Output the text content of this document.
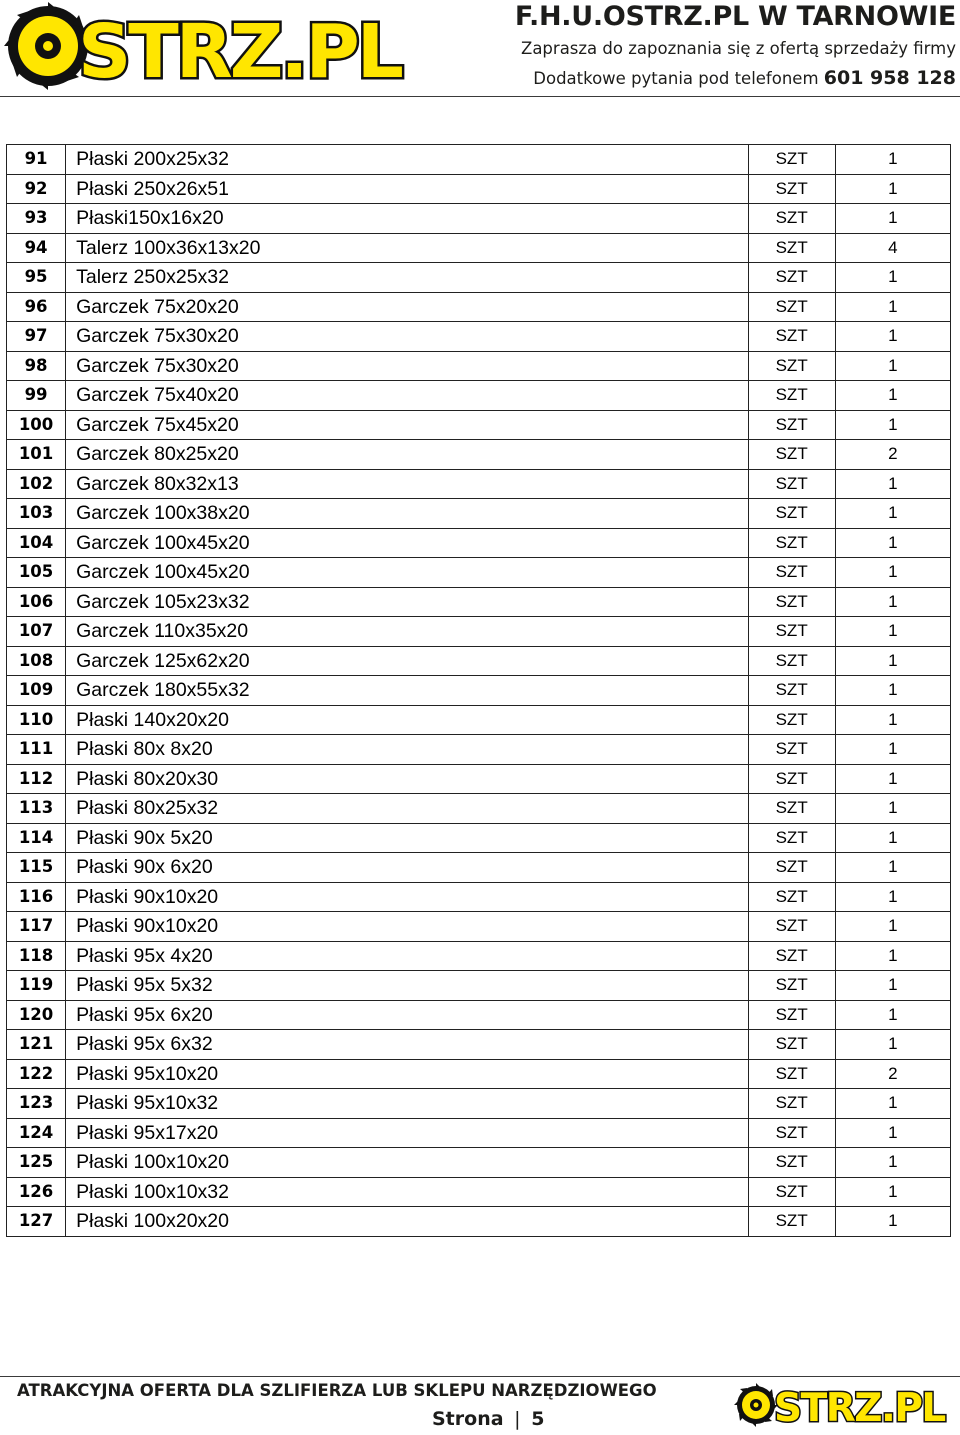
STRZ.PL	F.H.U.OSTRZ.PL W TARNOWIE
Zaprasza do zapoznania się z ofertą sprzedaży firmy
Dodatkowe pytania pod telefonem 601 958 128
91	Płaski 200x25x32	SZT	1
92	Płaski 250x26x51	SZT	1
93	Płaski150x16x20	SZT	1
94	Talerz 100x36x13x20	SZT	4
95	Talerz 250x25x32	SZT	1
96	Garczek 75x20x20	SZT	1
97	Garczek 75x30x20	SZT	1
98	Garczek 75x30x20	SZT	1
99	Garczek 75x40x20	SZT	1
100	Garczek 75x45x20	SZT	1
101	Garczek 80x25x20	SZT	2
102	Garczek 80x32x13	SZT	1
103	Garczek 100x38x20	SZT	1
104	Garczek 100x45x20	SZT	1
105	Garczek 100x45x20	SZT	1
106	Garczek 105x23x32	SZT	1
107	Garczek 110x35x20	SZT	1
108	Garczek 125x62x20	SZT	1
109	Garczek 180x55x32	SZT	1
110	Płaski 140x20x20	SZT	1
111	Płaski 80x 8x20	SZT	1
112	Płaski 80x20x30	SZT	1
113	Płaski 80x25x32	SZT	1
114	Płaski 90x 5x20	SZT	1
115	Płaski 90x 6x20	SZT	1
116	Płaski 90x10x20	SZT	1
117	Płaski 90x10x20	SZT	1
118	Płaski 95x 4x20	SZT	1
119	Płaski 95x 5x32	SZT	1
120	Płaski 95x 6x20	SZT	1
121	Płaski 95x 6x32	SZT	1
122	Płaski 95x10x20	SZT	2
123	Płaski 95x10x32	SZT	1
124	Płaski 95x17x20	SZT	1
125	Płaski 100x10x20	SZT	1
126	Płaski 100x10x32	SZT	1
127	Płaski 100x20x20	SZT	1
ATRAKCYJNA OFERTA DLA SZLIFIERZA LUB SKLEPU NARZĘDZIOWEGO
Strona | 5	STRZ.PL
